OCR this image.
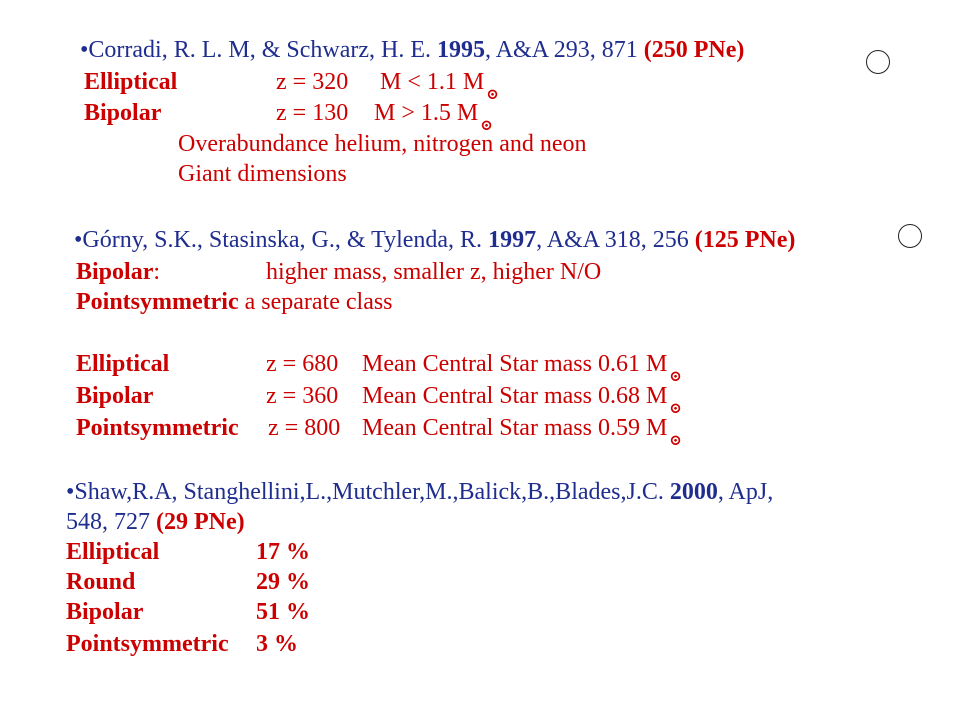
•Corradi, R. L. M, & Schwarz, H. E. 1995, A&A 293, 871 (250 PNe)
Elliptical	z = 320 M < 1.1 M ⊙
Bipolar	z = 130 M > 1.5 M ⊙
Overabundance helium, nitrogen and neon
Giant dimensions
•Górny, S.K., Stasinska, G., & Tylenda, R. 1997, A&A 318, 256 (125 PNe)
Bipolar:	higher mass, smaller z, higher N/O
Pointsymmetric a separate class
Elliptical	z = 680 Mean Central Star mass 0.61 M ⊙
Bipolar	z = 360 Mean Central Star mass 0.68 M ⊙
Pointsymmetric z = 800 Mean Central Star mass 0.59 M ⊙
•Shaw,R.A, Stanghellini,L.,Mutchler,M.,Balick,B.,Blades,J.C. 2000, ApJ,
548, 727 (29 PNe)
Elliptical	17 %
Round	29 %
Bipolar	51 %
Pointsymmetric 3 %
